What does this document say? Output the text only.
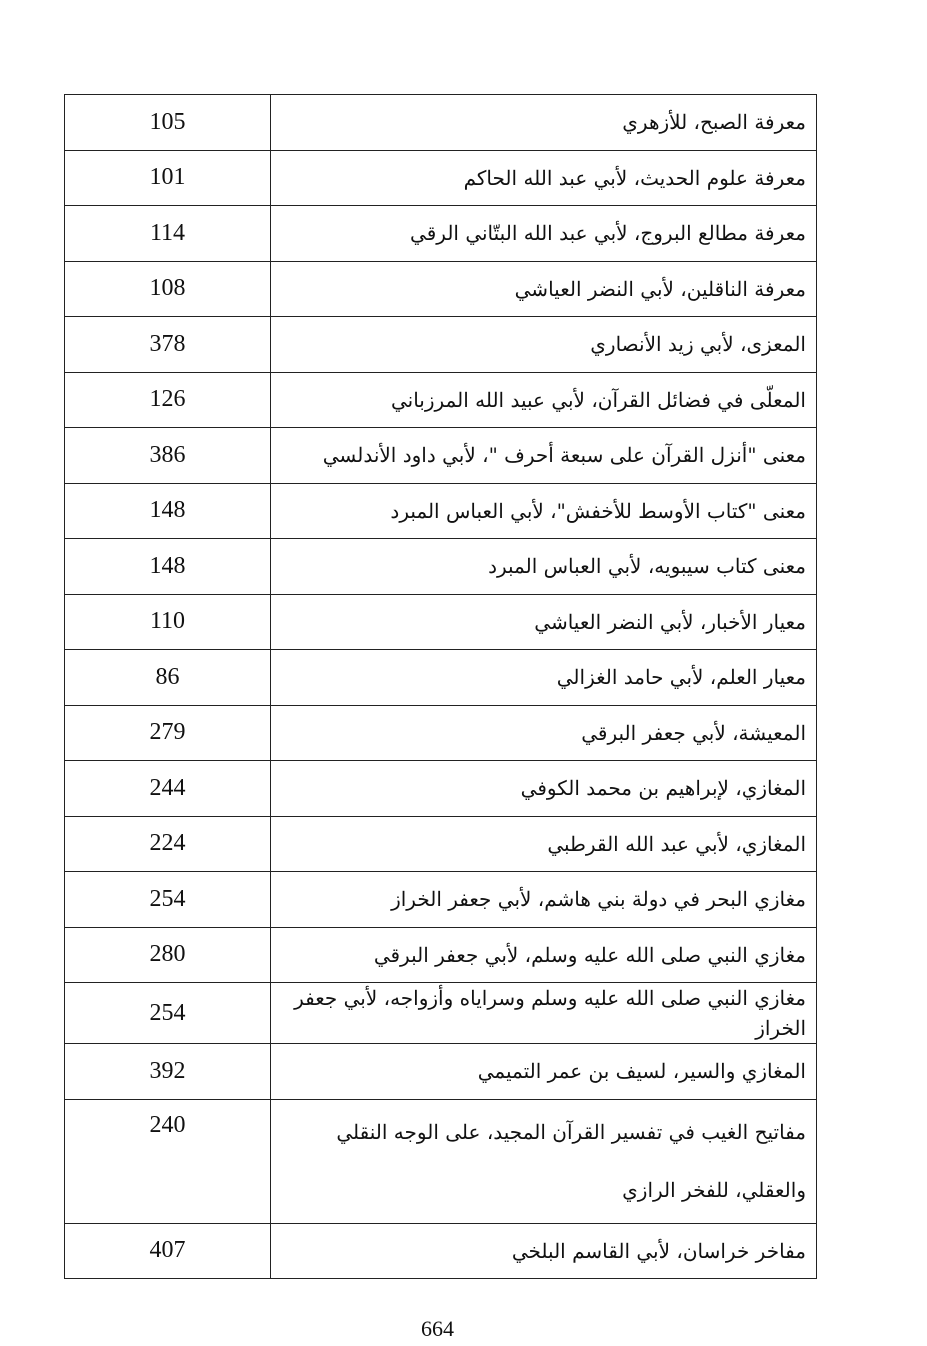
105	معرفة الصبح، للأزهري
101	معرفة علوم الحديث، لأبي عبد الله الحاكم
114	معرفة مطالع البروج، لأبي عبد الله البتّاني الرقي
108	معرفة الناقلين، لأبي النضر العياشي
378	المعزى، لأبي زيد الأنصاري
126	المعلّى في فضائل القرآن، لأبي عبيد الله المرزباني
386	معنى "أنزل القرآن على سبعة أحرف "، لأبي داود الأندلسي
148	معنى "كتاب الأوسط للأخفش"، لأبي العباس المبرد
148	معنى كتاب سيبويه، لأبي العباس المبرد
110	معيار الأخبار، لأبي النضر العياشي
86	معيار العلم، لأبي حامد الغزالي
279	المعيشة، لأبي جعفر البرقي
244	المغازي، لإبراهيم بن محمد الكوفي
224	المغازي، لأبي عبد الله القرطبي
254	مغازي البحر في دولة بني هاشم، لأبي جعفر الخراز
280	مغازي النبي صلى الله عليه وسلم، لأبي جعفر البرقي
254	مغازي النبي صلى الله عليه وسلم وسراياه وأزواجه، لأبي جعفر الخراز
392	المغازي والسير، لسيف بن عمر التميمي
240	مفاتيح الغيب في تفسير القرآن المجيد، على الوجه النقلي والعقلي، للفخر الرازي
407	مفاخر خراسان، لأبي القاسم البلخي
664
